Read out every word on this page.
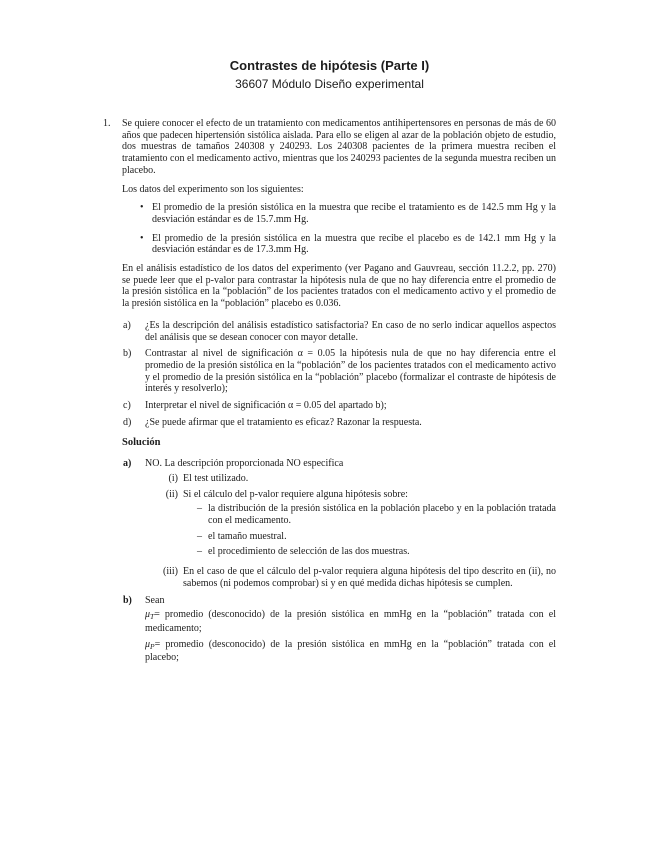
Contrastes de hipótesis (Parte I)
36607 Módulo Diseño experimental
1.	Se quiere conocer el efecto de un tratamiento con medicamentos antihipertensores en personas de más de 60 años que padecen hipertensión sistólica aislada. Para ello se eligen al azar de la población objeto de estudio, dos muestras de tamaños 240308 y 240293. Los 240308 pacientes de la primera muestra reciben el tratamiento con el medicamento activo, mientras que los 240293 pacientes de la segunda muestra reciben un placebo.

Los datos del experimento son los siguientes:

• El promedio de la presión sistólica en la muestra que recibe el tratamiento es de 142.5 mm Hg y la desviación estándar es de 15.7.mm Hg.

• El promedio de la presión sistólica en la muestra que recibe el placebo es de 142.1 mm Hg y la desviación estándar es de 17.3.mm Hg.

En el análisis estadístico de los datos del experimento (ver Pagano and Gauvreau, sección 11.2.2, pp. 270) se puede leer que el p-valor para contrastar la hipótesis nula de que no hay diferencia entre el promedio de la presión sistólica en la “población” de los pacientes tratados con el medicamento activo y el promedio de la presión sistólica en la “población” placebo es 0.036.

a) ¿Es la descripción del análisis estadístico satisfactoria? En caso de no serlo indicar aquellos aspectos del análisis que se desean conocer con mayor detalle.
b) Contrastar al nivel de significación α = 0.05 la hipótesis nula de que no hay diferencia entre el promedio de la presión sistólica en la “población” de los pacientes tratados con el medicamento activo y el promedio de la presión sistólica en la “población” placebo (formalizar el contraste de hipótesis de interés y resolverlo);
c) Interpretar el nivel de significación α = 0.05 del apartado b);
d) ¿Se puede afirmar que el tratamiento es eficaz? Razonar la respuesta.
Solución
a) NO. La descripción proporcionada NO especifica
(i) El test utilizado.
(ii) Si el cálculo del p-valor requiere alguna hipótesis sobre:
– la distribución de la presión sistólica en la población placebo y en la población tratada con el medicamento.

– el tamaño muestral.

– el procedimiento de selección de las dos muestras.

(iii) En el caso de que el cálculo del p-valor requiera alguna hipótesis del tipo descrito en (ii), no sabemos (ni podemos comprobar) si y en qué medida dichas hipótesis se cumplen.
b) Sean

$\mu_T=$ promedio (desconocido) de la presión sistólica en mmHg en la “población” tratada con el medicamento;

$\mu_P=$ promedio (desconocido) de la presión sistólica en mmHg en la “población” tratada con el placebo;
